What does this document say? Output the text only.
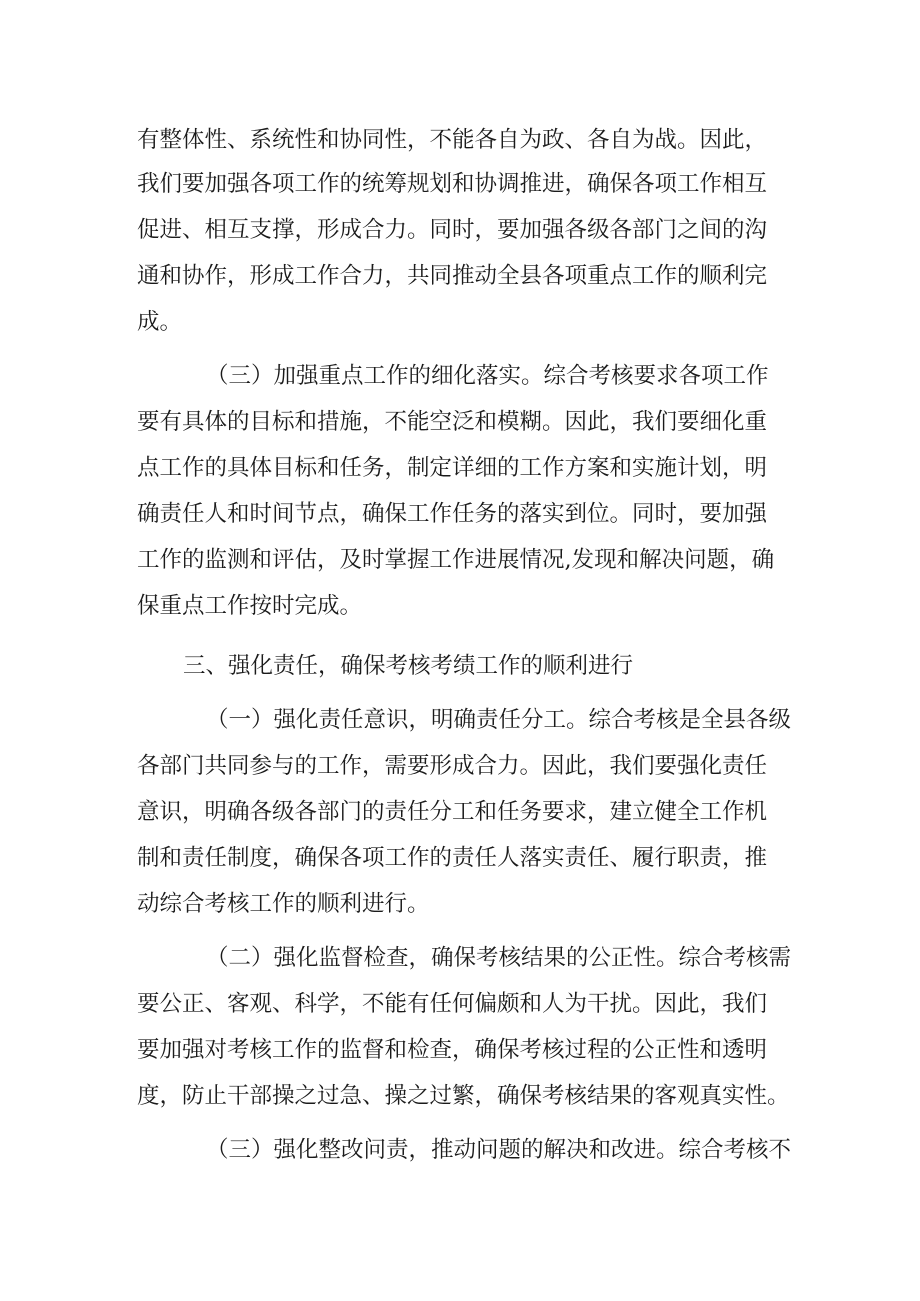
有整体性、系统性和协同性，不能各自为政、各自为战。因此，
我们要加强各项工作的统筹规划和协调推进，确保各项工作相互
促进、相互支撑，形成合力。同时，要加强各级各部门之间的沟
通和协作，形成工作合力，共同推动全县各项重点工作的顺利完
成。
（三）加强重点工作的细化落实。综合考核要求各项工作
要有具体的目标和措施，不能空泛和模糊。因此，我们要细化重
点工作的具体目标和任务，制定详细的工作方案和实施计划，明
确责任人和时间节点，确保工作任务的落实到位。同时，要加强
工作的监测和评估，及时掌握工作进展情况,发现和解决问题，确
保重点工作按时完成。
三、强化责任，确保考核考绩工作的顺利进行
（一）强化责任意识，明确责任分工。综合考核是全县各级
各部门共同参与的工作，需要形成合力。因此，我们要强化责任
意识，明确各级各部门的责任分工和任务要求，建立健全工作机
制和责任制度，确保各项工作的责任人落实责任、履行职责，推
动综合考核工作的顺利进行。
（二）强化监督检查，确保考核结果的公正性。综合考核需
要公正、客观、科学，不能有任何偏颇和人为干扰。因此，我们
要加强对考核工作的监督和检查，确保考核过程的公正性和透明
度，防止干部操之过急、操之过繁，确保考核结果的客观真实性。
（三）强化整改问责，推动问题的解决和改进。综合考核不
